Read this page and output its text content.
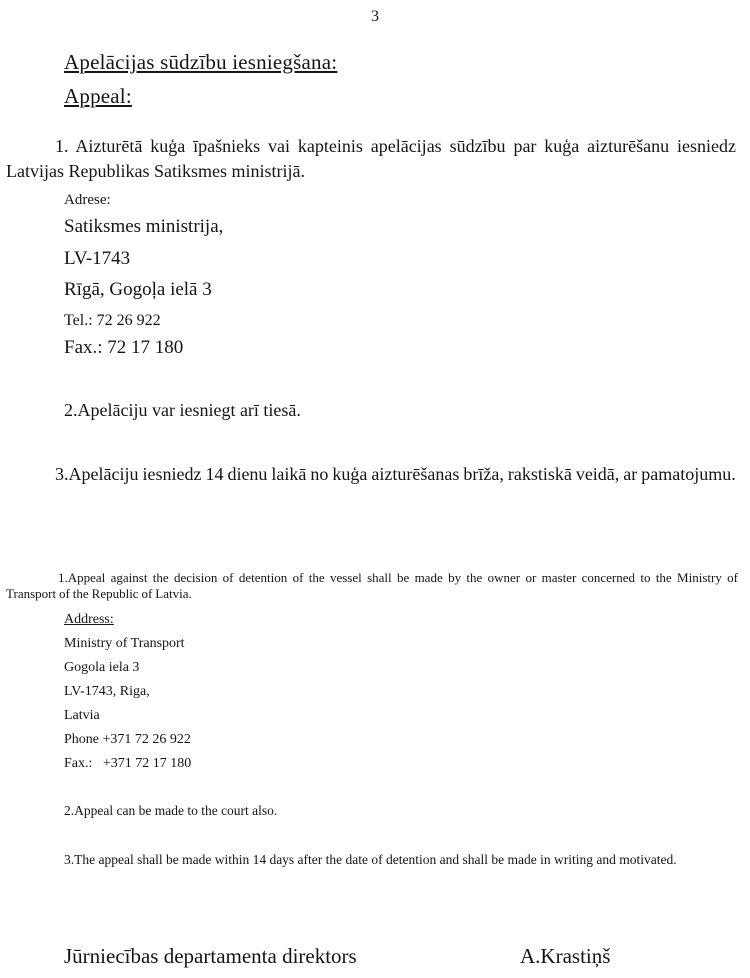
3
Apelācijas sūdzību iesniegšana:
Appeal:
1. Aizturētā kuģa īpašnieks vai kapteinis apelācijas sūdzību par kuģa aizturēšanu iesniedz Latvijas Republikas Satiksmes ministrijā.
Adrese:
Satiksmes ministrija,
LV-1743
Rīgā, Gogoļa ielā 3
Tel.: 72 26 922
Fax.: 72 17 180
2.Apelāciju var iesniegt arī tiesā.
3.Apelāciju iesniedz 14 dienu laikā no kuģa aizturēšanas brīža, rakstiskā veidā, ar pamatojumu.
1.Appeal against the decision of detention of the vessel shall be made by the owner or master concerned to the Ministry of Transport of the Republic of Latvia.
Address:
Ministry of Transport
Gogola iela 3
LV-1743, Riga,
Latvia
Phone +371 72 26 922
Fax.:   +371 72 17 180
2.Appeal can be made to the court also.
3.The appeal shall be made within 14 days after the date of detention and shall be made in writing and motivated.
Jūrniecības departamenta direktors	A.Krastiņš
